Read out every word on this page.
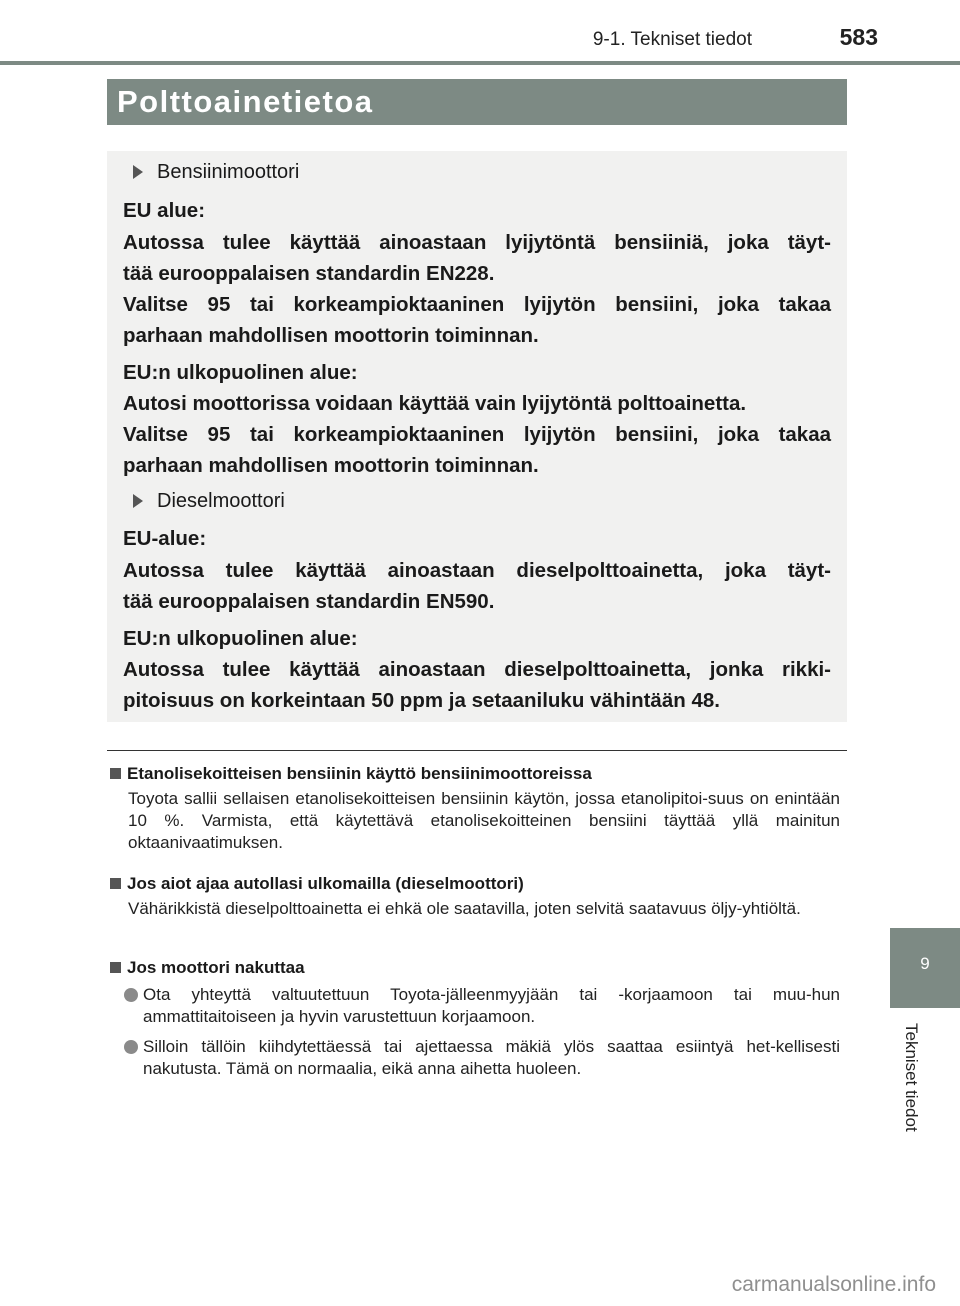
9-1. Tekniset tiedot	583
Polttoainetietoa
Bensiinimoottori
EU alue:
Autossa tulee käyttää ainoastaan lyijytöntä bensiiniä, joka täyt-
tää eurooppalaisen standardin EN228.
Valitse 95 tai korkeampioktaaninen lyijytön bensiini, joka takaa
parhaan mahdollisen moottorin toiminnan.
EU:n ulkopuolinen alue:
Autosi moottorissa voidaan käyttää vain lyijytöntä polttoainetta.
Valitse 95 tai korkeampioktaaninen lyijytön bensiini, joka takaa
parhaan mahdollisen moottorin toiminnan.
Dieselmoottori
EU-alue:
Autossa tulee käyttää ainoastaan dieselpolttoainetta, joka täyt-
tää eurooppalaisen standardin EN590.
EU:n ulkopuolinen alue:
Autossa tulee käyttää ainoastaan dieselpolttoainetta, jonka rikki-
pitoisuus on korkeintaan 50 ppm ja setaaniluku vähintään 48.
Etanolisekoitteisen bensiinin käyttö bensiinimoottoreissa
Toyota sallii sellaisen etanolisekoitteisen bensiinin käytön, jossa etanolipitoi-suus on enintään 10 %. Varmista, että käytettävä etanolisekoitteinen bensiini täyttää yllä mainitun oktaanivaatimuksen.
Jos aiot ajaa autollasi ulkomailla (dieselmoottori)
Vähärikkistä dieselpolttoainetta ei ehkä ole saatavilla, joten selvitä saatavuus öljy-yhtiöltä.
Jos moottori nakuttaa
Ota yhteyttä valtuutettuun Toyota-jälleenmyyjään tai -korjaamoon tai muu-hun ammattitaitoiseen ja hyvin varustettuun korjaamoon.
Silloin tällöin kiihdytettäessä tai ajettaessa mäkiä ylös saattaa esiintyä het-kellisesti nakutusta. Tämä on normaalia, eikä anna aihetta huoleen.
9
Tekniset tiedot
carmanualsonline.info
